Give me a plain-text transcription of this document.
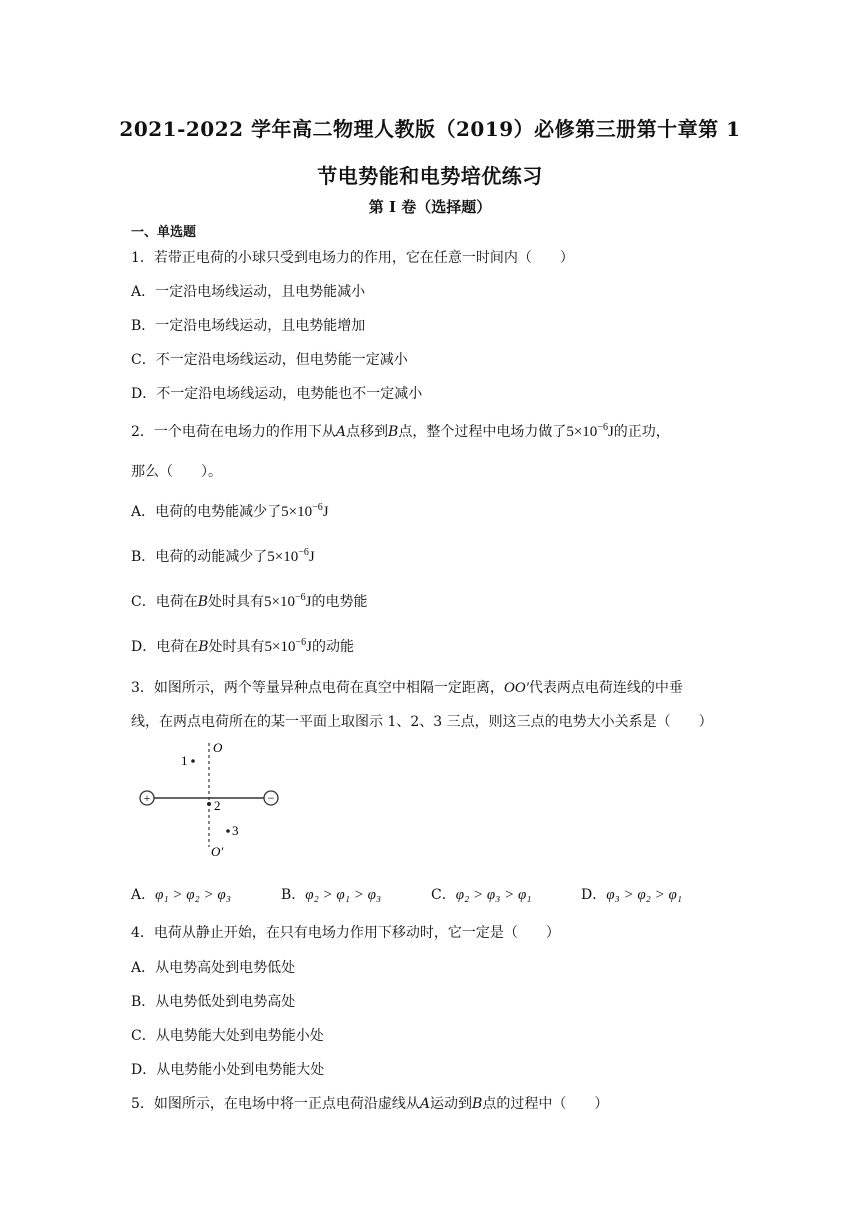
2021-2022 学年高二物理人教版（2019）必修第三册第十章第 1
节电势能和电势培优练习
第 I 卷（选择题）
一、单选题
1．若带正电荷的小球只受到电场力的作用，它在任意一时间内（　　）
A．一定沿电场线运动，且电势能减小
B．一定沿电场线运动，且电势能增加
C．不一定沿电场线运动，但电势能一定减小
D．不一定沿电场线运动，电势能也不一定减小
2．一个电荷在电场力的作用下从A点移到B点，整个过程中电场力做了$5\times 10^{-6}J$的正功，
那么（　　）。
A．电荷的电势能减少了$5\times 10^{-6}J$
B．电荷的动能减少了$5\times 10^{-6}J$
C．电荷在B处时具有$5\times 10^{-6}J$的电势能
D．电荷在B处时具有$5\times 10^{-6}J$的动能
3．如图所示，两个等量异种点电荷在真空中相隔一定距离，OO′代表两点电荷连线的中垂
线，在两点电荷所在的某一平面上取图示 1、2、3 三点，则这三点的电势大小关系是（　　）
+	−
O
O′
1
2
3
A．φ₁ > φ₂ > φ₃	B．φ₂ > φ₁ > φ₃	C．φ₂ > φ₃ > φ₁	D．φ₃ > φ₂ > φ₁
4．电荷从静止开始，在只有电场力作用下移动时，它一定是（　　）
A．从电势高处到电势低处
B．从电势低处到电势高处
C．从电势能大处到电势能小处
D．从电势能小处到电势能大处
5．如图所示，在电场中将一正点电荷沿虚线从A运动到B点的过程中（　　）
